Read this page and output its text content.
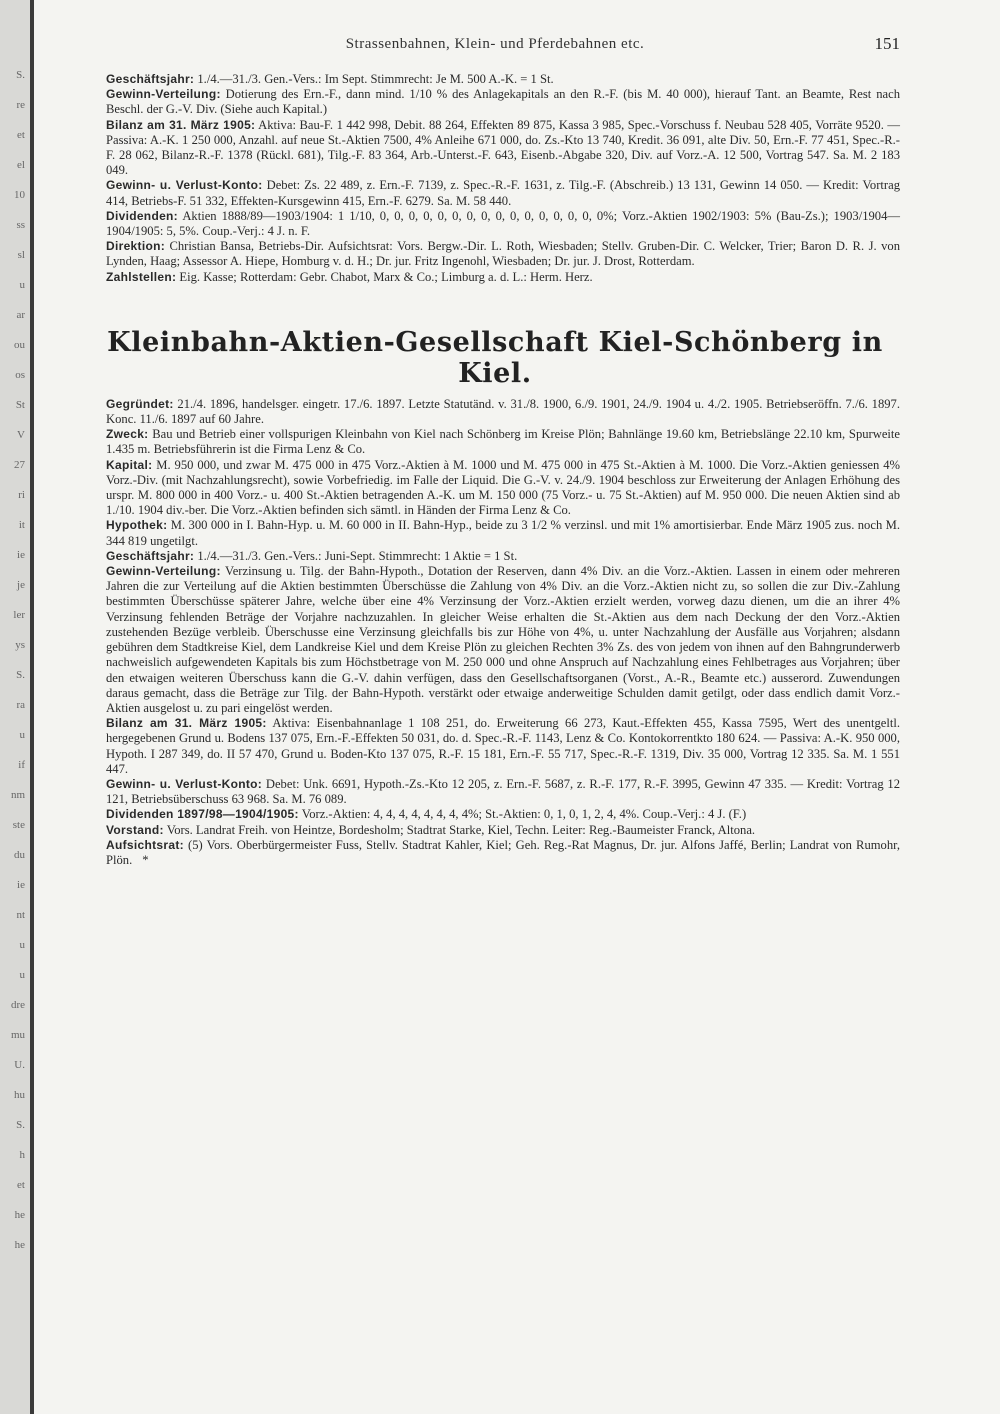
S.
re
et
el
10
ss
sl
u
ar
ou
os
St
V
27
ri
it
ie
je
ler
ys
S.
ra
u
if
nm
ste
du
ie
nt
u
u
dre
mu
U.
hu
S.
h
et
he
he
Strassenbahnen, Klein- und Pferdebahnen etc.	151

Geschäftsjahr: 1./4.—31./3. Gen.-Vers.: Im Sept. Stimmrecht: Je M. 500 A.-K. = 1 St.

Gewinn-Verteilung: Dotierung des Ern.-F., dann mind. 1/10 % des Anlagekapitals an den R.-F. (bis M. 40 000), hierauf Tant. an Beamte, Rest nach Beschl. der G.-V. Div. (Siehe auch Kapital.)

Bilanz am 31. März 1905: Aktiva: Bau-F. 1 442 998, Debit. 88 264, Effekten 89 875, Kassa 3 985, Spec.-Vorschuss f. Neubau 528 405, Vorräte 9520. — Passiva: A.-K. 1 250 000, Anzahl. auf neue St.-Aktien 7500, 4% Anleihe 671 000, do. Zs.-Kto 13 740, Kredit. 36 091, alte Div. 50, Ern.-F. 77 451, Spec.-R.-F. 28 062, Bilanz-R.-F. 1378 (Rückl. 681), Tilg.-F. 83 364, Arb.-Unterst.-F. 643, Eisenb.-Abgabe 320, Div. auf Vorz.-A. 12 500, Vortrag 547. Sa. M. 2 183 049.

Gewinn- u. Verlust-Konto: Debet: Zs. 22 489, z. Ern.-F. 7139, z. Spec.-R.-F. 1631, z. Tilg.-F. (Abschreib.) 13 131, Gewinn 14 050. — Kredit: Vortrag 414, Betriebs-F. 51 332, Effekten-Kursgewinn 415, Ern.-F. 6279. Sa. M. 58 440.

Dividenden: Aktien 1888/89—1903/1904: 1 1/10, 0, 0, 0, 0, 0, 0, 0, 0, 0, 0, 0, 0, 0, 0, 0, 0%; Vorz.-Aktien 1902/1903: 5% (Bau-Zs.); 1903/1904—1904/1905: 5, 5%. Coup.-Verj.: 4 J. n. F.

Direktion: Christian Bansa, Betriebs-Dir. Aufsichtsrat: Vors. Bergw.-Dir. L. Roth, Wiesbaden; Stellv. Gruben-Dir. C. Welcker, Trier; Baron D. R. J. von Lynden, Haag; Assessor A. Hiepe, Homburg v. d. H.; Dr. jur. Fritz Ingenohl, Wiesbaden; Dr. jur. J. Drost, Rotterdam.

Zahlstellen: Eig. Kasse; Rotterdam: Gebr. Chabot, Marx & Co.; Limburg a. d. L.: Herm. Herz.

Kleinbahn-Aktien-Gesellschaft Kiel-Schönberg in Kiel.

Gegründet: 21./4. 1896, handelsger. eingetr. 17./6. 1897. Letzte Statutänd. v. 31./8. 1900, 6./9. 1901, 24./9. 1904 u. 4./2. 1905. Betriebseröffn. 7./6. 1897. Konc. 11./6. 1897 auf 60 Jahre.

Zweck: Bau und Betrieb einer vollspurigen Kleinbahn von Kiel nach Schönberg im Kreise Plön; Bahnlänge 19.60 km, Betriebslänge 22.10 km, Spurweite 1.435 m. Betriebsführerin ist die Firma Lenz & Co.

Kapital: M. 950 000, und zwar M. 475 000 in 475 Vorz.-Aktien à M. 1000 und M. 475 000 in 475 St.-Aktien à M. 1000. Die Vorz.-Aktien geniessen 4% Vorz.-Div. (mit Nachzahlungsrecht), sowie Vorbefriedig. im Falle der Liquid. Die G.-V. v. 24./9. 1904 beschloss zur Erweiterung der Anlagen Erhöhung des urspr. M. 800 000 in 400 Vorz.- u. 400 St.-Aktien betragenden A.-K. um M. 150 000 (75 Vorz.- u. 75 St.-Aktien) auf M. 950 000. Die neuen Aktien sind ab 1./10. 1904 div.-ber. Die Vorz.-Aktien befinden sich sämtl. in Händen der Firma Lenz & Co.

Hypothek: M. 300 000 in I. Bahn-Hyp. u. M. 60 000 in II. Bahn-Hyp., beide zu 3 1/2 % verzinsl. und mit 1% amortisierbar. Ende März 1905 zus. noch M. 344 819 ungetilgt.

Geschäftsjahr: 1./4.—31./3. Gen.-Vers.: Juni-Sept. Stimmrecht: 1 Aktie = 1 St.

Gewinn-Verteilung: Verzinsung u. Tilg. der Bahn-Hypoth., Dotation der Reserven, dann 4% Div. an die Vorz.-Aktien. Lassen in einem oder mehreren Jahren die zur Verteilung auf die Aktien bestimmten Überschüsse die Zahlung von 4% Div. an die Vorz.-Aktien nicht zu, so sollen die zur Div.-Zahlung bestimmten Überschüsse späterer Jahre, welche über eine 4% Verzinsung der Vorz.-Aktien erzielt werden, vorweg dazu dienen, um die an ihrer 4% Verzinsung fehlenden Beträge der Vorjahre nachzuzahlen. In gleicher Weise erhalten die St.-Aktien aus dem nach Deckung der den Vorz.-Aktien zustehenden Bezüge verbleib. Überschusse eine Verzinsung gleichfalls bis zur Höhe von 4%, u. unter Nachzahlung der Ausfälle aus Vorjahren; alsdann gebühren dem Stadtkreise Kiel, dem Landkreise Kiel und dem Kreise Plön zu gleichen Rechten 3% Zs. des von jedem von ihnen auf den Bahngrunderwerb nachweislich aufgewendeten Kapitals bis zum Höchstbetrage von M. 250 000 und ohne Anspruch auf Nachzahlung eines Fehlbetrages aus Vorjahren; über den etwaigen weiteren Überschuss kann die G.-V. dahin verfügen, dass den Gesellschaftsorganen (Vorst., A.-R., Beamte etc.) ausserord. Zuwendungen daraus gemacht, dass die Beträge zur Tilg. der Bahn-Hypoth. verstärkt oder etwaige anderweitige Schulden damit getilgt, oder dass endlich damit Vorz.-Aktien ausgelost u. zu pari eingelöst werden.

Bilanz am 31. März 1905: Aktiva: Eisenbahnanlage 1 108 251, do. Erweiterung 66 273, Kaut.-Effekten 455, Kassa 7595, Wert des unentgeltl. hergegebenen Grund u. Bodens 137 075, Ern.-F.-Effekten 50 031, do. d. Spec.-R.-F. 1143, Lenz & Co. Kontokorrentkto 180 624. — Passiva: A.-K. 950 000, Hypoth. I 287 349, do. II 57 470, Grund u. Boden-Kto 137 075, R.-F. 15 181, Ern.-F. 55 717, Spec.-R.-F. 1319, Div. 35 000, Vortrag 12 335. Sa. M. 1 551 447.

Gewinn- u. Verlust-Konto: Debet: Unk. 6691, Hypoth.-Zs.-Kto 12 205, z. Ern.-F. 5687, z. R.-F. 177, R.-F. 3995, Gewinn 47 335. — Kredit: Vortrag 12 121, Betriebsüberschuss 63 968. Sa. M. 76 089.

Dividenden 1897/98—1904/1905: Vorz.-Aktien: 4, 4, 4, 4, 4, 4, 4, 4%; St.-Aktien: 0, 1, 0, 1, 2, 4, 4%. Coup.-Verj.: 4 J. (F.)

Vorstand: Vors. Landrat Freih. von Heintze, Bordesholm; Stadtrat Starke, Kiel, Techn. Leiter: Reg.-Baumeister Franck, Altona.

Aufsichtsrat: (5) Vors. Oberbürgermeister Fuss, Stellv. Stadtrat Kahler, Kiel; Geh. Reg.-Rat Magnus, Dr. jur. Alfons Jaffé, Berlin; Landrat von Rumohr, Plön. *
